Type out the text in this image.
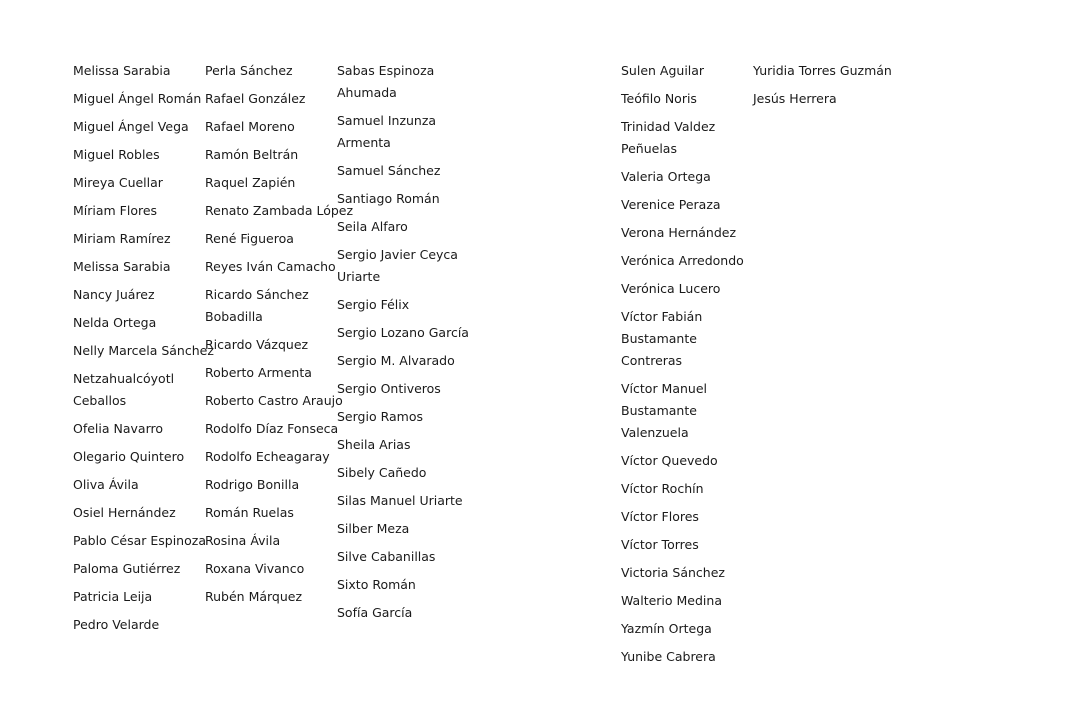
Melissa Sarabia
Miguel Ángel Román
Miguel Ángel Vega
Miguel Robles
Mireya Cuellar
Míriam Flores
Miriam Ramírez
Melissa Sarabia
Nancy Juárez
Nelda Ortega
Nelly Marcela Sánchez
Netzahualcóyotl Ceballos
Ofelia Navarro
Olegario Quintero
Oliva Ávila
Osiel Hernández
Pablo César Espinoza
Paloma Gutiérrez
Patricia Leija
Pedro Velarde
Perla Sánchez
Rafael González
Rafael Moreno
Ramón Beltrán
Raquel Zapién
Renato Zambada López
René Figueroa
Reyes Iván Camacho
Ricardo Sánchez Bobadilla
Ricardo Vázquez
Roberto Armenta
Roberto Castro Araujo
Rodolfo Díaz Fonseca
Rodolfo Echeagaray
Rodrigo Bonilla
Román Ruelas
Rosina Ávila
Roxana Vivanco
Rubén Márquez
Sabas Espinoza Ahumada
Samuel Inzunza Armenta
Samuel Sánchez
Santiago Román
Seila Alfaro
Sergio Javier Ceyca Uriarte
Sergio Félix
Sergio Lozano García
Sergio M. Alvarado
Sergio Ontiveros
Sergio Ramos
Sheila Arias
Sibely Cañedo
Silas Manuel Uriarte
Silber Meza
Silve Cabanillas
Sixto Román
Sofía García
Sulen Aguilar
Teófilo Noris
Trinidad Valdez Peñuelas
Valeria Ortega
Verenice Peraza
Verona Hernández
Verónica Arredondo
Verónica Lucero
Víctor Fabián Bustamante Contreras
Víctor Manuel Bustamante Valenzuela
Víctor Quevedo
Víctor Rochín
Víctor Flores
Víctor Torres
Victoria Sánchez
Walterio Medina
Yazmín Ortega
Yunibe Cabrera
Yuridia Torres Guzmán
Jesús Herrera
